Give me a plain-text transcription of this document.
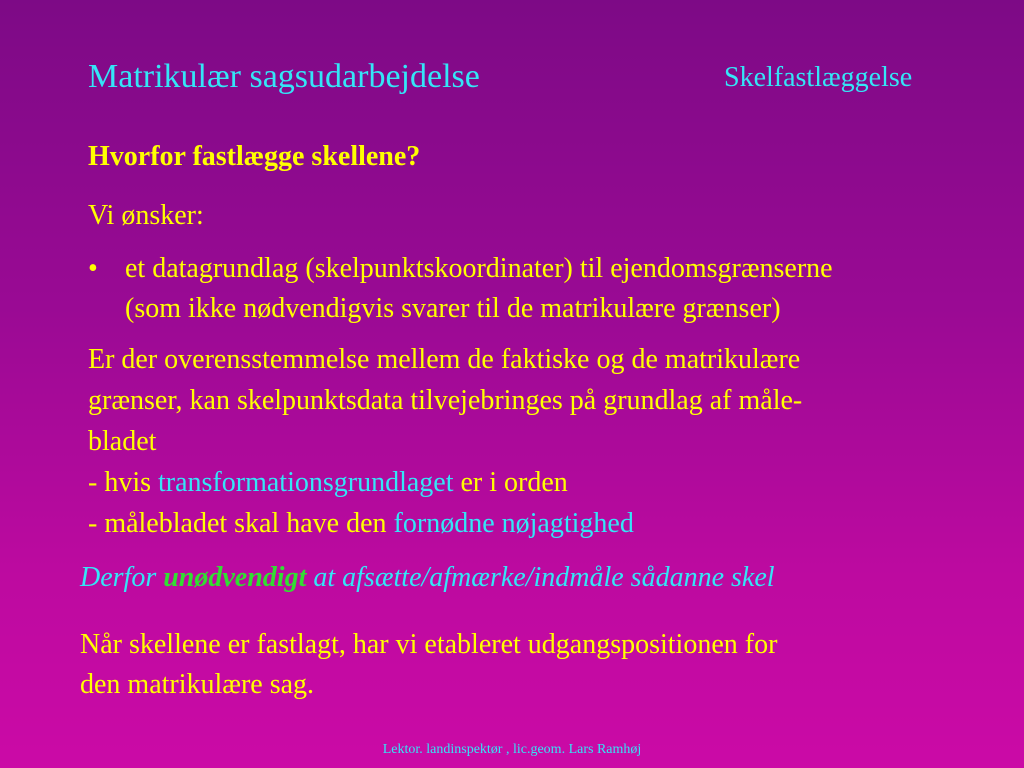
Matrikulær sagsudarbejdelse	Skelfastlæggelse
Hvorfor fastlægge skellene?
Vi ønsker:
• et datagrundlag (skelpunktskoordinater) til ejendomsgrænserne
(som ikke nødvendigvis svarer til de matrikulære grænser)
Er der overensstemmelse mellem de faktiske og de matrikulære
grænser, kan skelpunktsdata tilvejebringes på grundlag af måle-
bladet
- hvis transformationsgrundlaget er i orden
- målebladet skal have den fornødne nøjagtighed
Derfor unødvendigt at afsætte/afmærke/indmåle sådanne skel
Når skellene er fastlagt, har vi etableret udgangspositionen for
den matrikulære sag.
Lektor. landinspektør , lic.geom. Lars Ramhøj
